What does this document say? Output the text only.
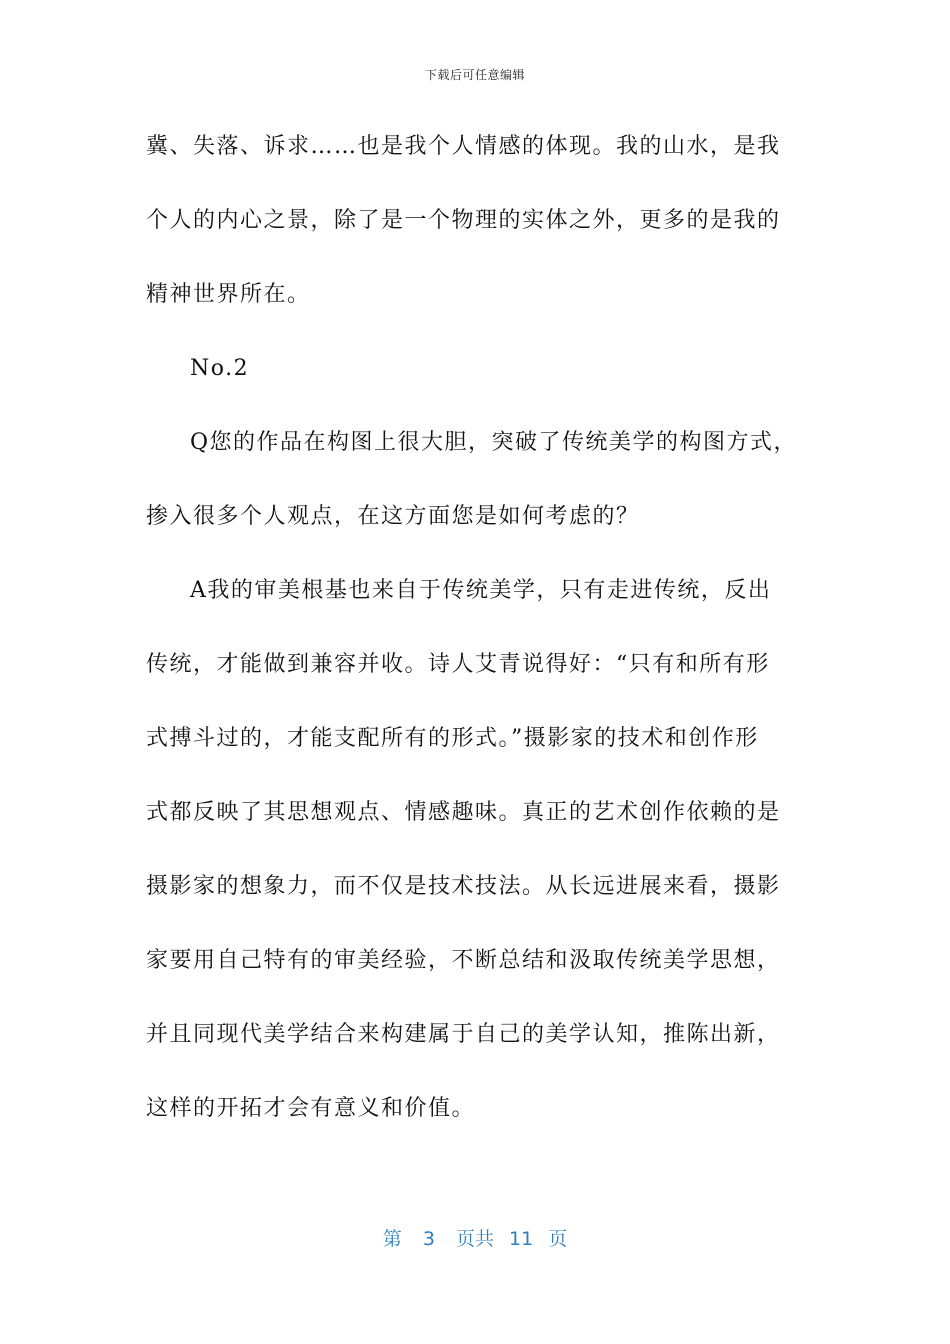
下载后可任意编辑
冀、失落、诉求……也是我个人情感的体现。我的山水，是我
个人的内心之景，除了是一个物理的实体之外，更多的是我的
精神世界所在。
No.2
Q您的作品在构图上很大胆，突破了传统美学的构图方式，
掺入很多个人观点，在这方面您是如何考虑的？
A我的审美根基也来自于传统美学，只有走进传统，反出
传统，才能做到兼容并收。诗人艾青说得好：“只有和所有形
式搏斗过的，才能支配所有的形式。”摄影家的技术和创作形
式都反映了其思想观点、情感趣味。真正的艺术创作依赖的是
摄影家的想象力，而不仅是技术技法。从长远进展来看，摄影
家要用自己特有的审美经验，不断总结和汲取传统美学思想，
并且同现代美学结合来构建属于自己的美学认知，推陈出新，
这样的开拓才会有意义和价值。
第 3 页共 11 页
